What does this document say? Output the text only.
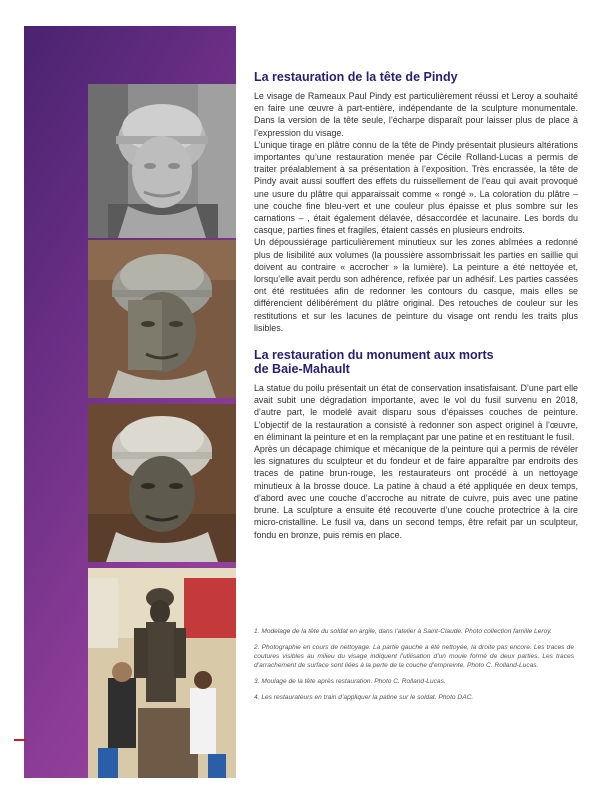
La restauration de la tête de Pindy

Le visage de Rameaux Paul Pindy est particulièrement réussi et Leroy a souhaité en faire une œuvre à part-entière, indépendante de la sculpture monumentale. Dans la version de la tête seule, l’écharpe disparaît pour laisser plus de place à l’expression du visage.

L’unique tirage en plâtre connu de la tête de Pindy présentait plusieurs altérations importantes qu’une restauration menée par Cécile Rolland-Lucas a permis de traiter préalablement à sa présentation à l’exposition. Très encrassée, la tête de Pindy avait aussi souffert des effets du ruissellement de l’eau qui avait provoqué une usure du plâtre qui apparaissait comme « rongé ». La coloration du plâtre – une couche fine bleu-vert et une couleur plus épaisse et plus sombre sur les carnations – , était également délavée, désaccordée et lacunaire. Les bords du casque, parties fines et fragiles, étaient cassés en plusieurs endroits.

Un dépoussiérage particulièrement minutieux sur les zones abîmées a redonné plus de lisibilité aux volumes (la poussière assombrissait les parties en saillie qui doivent au contraire « accrocher » la lumière). La peinture a été nettoyée et, lorsqu’elle avait perdu son adhérence, refixée par un adhésif. Les parties cassées ont été restituées afin de redonner les contours du casque, mais elles se différencient délibérément du plâtre original. Des retouches de couleur sur les restitutions et sur les lacunes de peinture du visage ont rendu les traits plus lisibles.

La restauration du monument aux morts
de Baie-Mahault

La statue du poilu présentait un état de conservation insatisfaisant. D’une part elle avait subit une dégradation importante, avec le vol du fusil survenu en 2018, d’autre part, le modelé avait disparu sous d’épaisses couches de peinture. L’objectif de la restauration a consisté à redonner son aspect originel à l’œuvre, en éliminant la peinture et en la remplaçant par une patine et en restituant le fusil.

Après un décapage chimique et mécanique de la peinture qui a permis de révéler les signatures du sculpteur et du fondeur et de faire apparaître par endroits des traces de patine brun-rouge, les restaurateurs ont procédé à un nettoyage minutieux à la brosse douce. La patine à chaud a été appliquée en deux temps, d’abord avec une couche d’accroche au nitrate de cuivre, puis avec une patine brune. La sculpture a ensuite été recouverte d’une couche protectrice à la cire micro-cristalline. Le fusil va, dans un second temps, être refait par un sculpteur, fondu en bronze, puis remis en place.

1. Modelage de la tête du soldat en argile, dans l’atelier à Saint-Claude. Photo collection famille Leroy.

2. Photographie en cours de nettoyage. La partie gauche a été nettoyée, la droite pas encore. Les traces de coutures visibles au milieu du visage indiquent l’utilisation d’un moule formé de deux parties. Les traces d’arrachement de surface sont liées à la perte de la couche d’empreinte. Photo C. Rolland-Lucas.

3. Moulage de la tête après restauration. Photo C. Rolland-Lucas.

4. Les restaurateurs en train d’appliquer la patine sur le soldat. Photo DAC.
